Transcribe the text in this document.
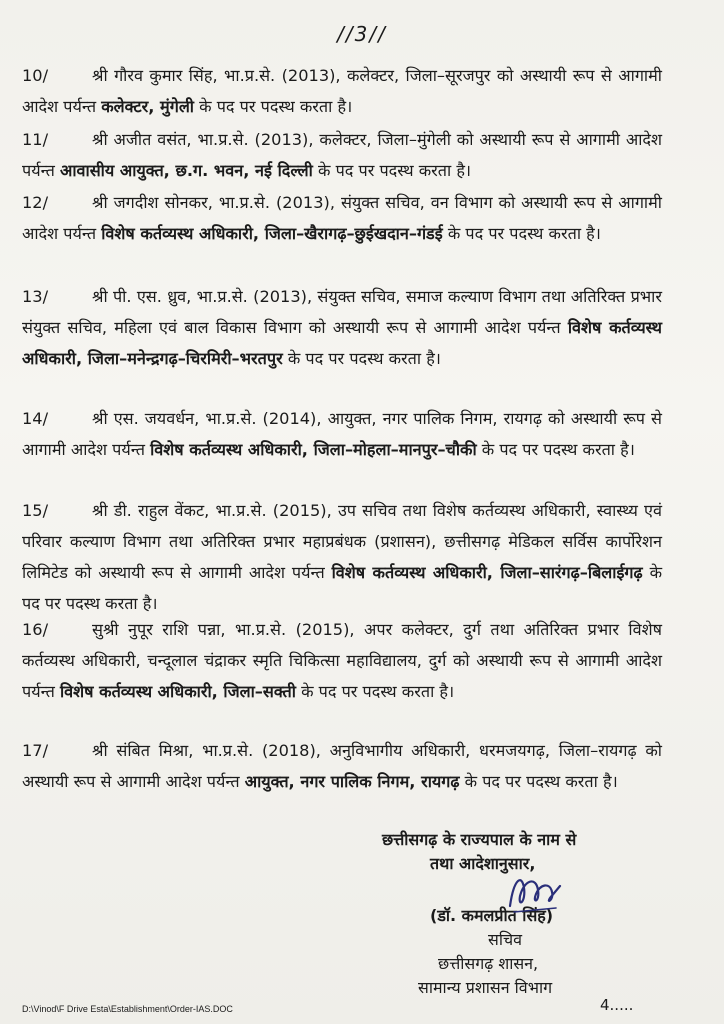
//3//
10/	श्री गौरव कुमार सिंह, भा.प्र.से. (2013), कलेक्टर, जिला–सूरजपुर को अस्थायी रूप से आगामी आदेश पर्यन्त कलेक्टर, मुंगेली के पद पर पदस्थ करता है।
11/	श्री अजीत वसंत, भा.प्र.से. (2013), कलेक्टर, जिला–मुंगेली को अस्थायी रूप से आगामी आदेश पर्यन्त आवासीय आयुक्त, छ.ग. भवन, नई दिल्ली के पद पर पदस्थ करता है।
12/	श्री जगदीश सोनकर, भा.प्र.से. (2013), संयुक्त सचिव, वन विभाग को अस्थायी रूप से आगामी आदेश पर्यन्त विशेष कर्तव्यस्थ अधिकारी, जिला–खैरागढ़–छुईखदान–गंडई के पद पर पदस्थ करता है।
13/	श्री पी. एस. ध्रुव, भा.प्र.से. (2013), संयुक्त सचिव, समाज कल्याण विभाग तथा अतिरिक्त प्रभार संयुक्त सचिव, महिला एवं बाल विकास विभाग को अस्थायी रूप से आगामी आदेश पर्यन्त विशेष कर्तव्यस्थ अधिकारी, जिला–मनेन्द्रगढ़–चिरमिरी–भरतपुर के पद पर पदस्थ करता है।
14/	श्री एस. जयवर्धन, भा.प्र.से. (2014), आयुक्त, नगर पालिक निगम, रायगढ़ को अस्थायी रूप से आगामी आदेश पर्यन्त विशेष कर्तव्यस्थ अधिकारी, जिला–मोहला–मानपुर–चौकी के पद पर पदस्थ करता है।
15/	श्री डी. राहुल वेंकट, भा.प्र.से. (2015), उप सचिव तथा विशेष कर्तव्यस्थ अधिकारी, स्वास्थ्य एवं परिवार कल्याण विभाग तथा अतिरिक्त प्रभार महाप्रबंधक (प्रशासन), छत्तीसगढ़ मेडिकल सर्विस कार्पोरेशन लिमिटेड को अस्थायी रूप से आगामी आदेश पर्यन्त विशेष कर्तव्यस्थ अधिकारी, जिला–सारंगढ़–बिलाईगढ़ के पद पर पदस्थ करता है।
16/	सुश्री नुपूर राशि पन्ना, भा.प्र.से. (2015), अपर कलेक्टर, दुर्ग तथा अतिरिक्त प्रभार विशेष कर्तव्यस्थ अधिकारी, चन्दूलाल चंद्राकर स्मृति चिकित्सा महाविद्यालय, दुर्ग को अस्थायी रूप से आगामी आदेश पर्यन्त विशेष कर्तव्यस्थ अधिकारी, जिला–सक्ती के पद पर पदस्थ करता है।
17/	श्री संबित मिश्रा, भा.प्र.से. (2018), अनुविभागीय अधिकारी, धरमजयगढ़, जिला–रायगढ़ को अस्थायी रूप से आगामी आदेश पर्यन्त आयुक्त, नगर पालिक निगम, रायगढ़ के पद पर पदस्थ करता है।
छत्तीसगढ़ के राज्यपाल के नाम से
तथा आदेशानुसार,
(डॉ. कमलप्रीत सिंह)
सचिव
छत्तीसगढ़ शासन,
सामान्य प्रशासन विभाग
D:\Vinod\F Drive Esta\Establishment\Order-IAS.DOC	4.....
